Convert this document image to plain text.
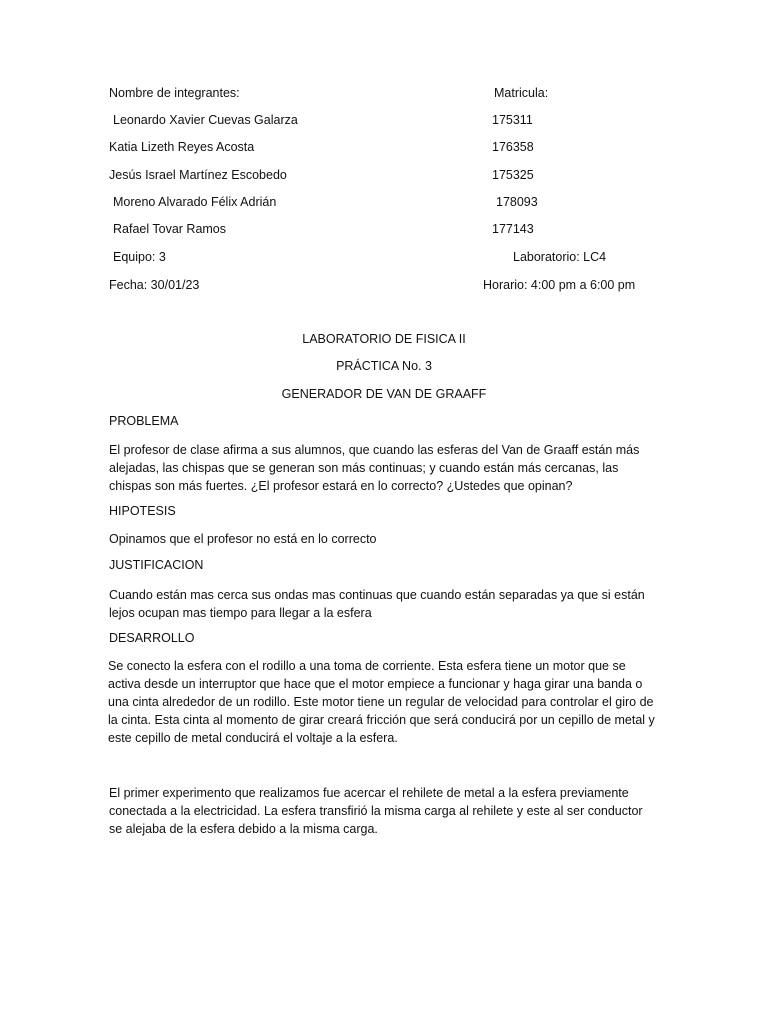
Nombre de integrantes:	Matricula:
Leonardo Xavier Cuevas Galarza	175311
Katia Lizeth Reyes Acosta	176358
Jesús Israel Martínez Escobedo	175325
Moreno Alvarado Félix Adrián	178093
Rafael Tovar Ramos	177143
Equipo: 3	Laboratorio: LC4
Fecha: 30/01/23	Horario: 4:00 pm a 6:00 pm
LABORATORIO DE FISICA II
PRÁCTICA No. 3
GENERADOR DE VAN DE GRAAFF
PROBLEMA
El profesor de clase afirma a sus alumnos, que cuando las esferas del Van de Graaff están más alejadas, las chispas que se generan son más continuas; y cuando están más cercanas, las chispas son más fuertes. ¿El profesor estará en lo correcto? ¿Ustedes que opinan?
HIPOTESIS
Opinamos que el profesor no está en lo correcto
JUSTIFICACION
Cuando están mas cerca sus ondas mas continuas que cuando están separadas ya que si están lejos ocupan mas tiempo para llegar a la esfera
DESARROLLO
Se conecto la esfera con el rodillo a una toma de corriente. Esta esfera tiene un motor que se activa desde un interruptor que hace que el motor empiece a funcionar y haga girar una banda o una cinta alrededor de un rodillo. Este motor tiene un regular de velocidad para controlar el giro de la cinta. Esta cinta al momento de girar creará fricción que será conducirá por un cepillo de metal y este cepillo de metal conducirá el voltaje a la esfera.
El primer experimento que realizamos fue acercar el rehilete de metal a la esfera previamente conectada a la electricidad. La esfera transfirió la misma carga al rehilete y este al ser conductor se alejaba de la esfera debido a la misma carga.
